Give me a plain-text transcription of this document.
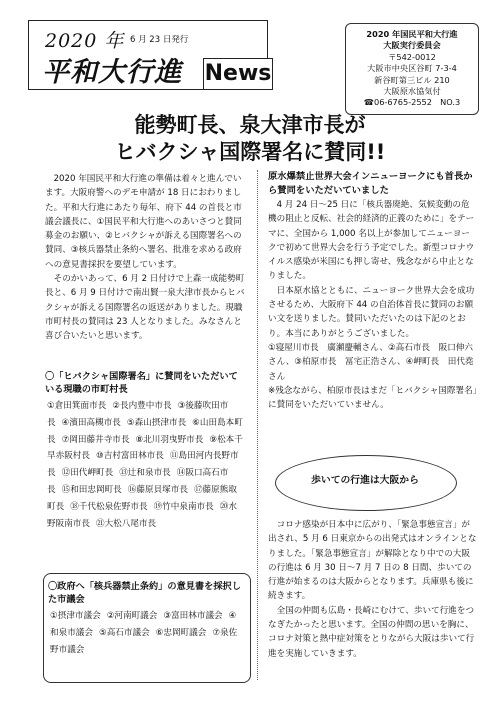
2020 年 6 月 23 日発行
平和大行進 News
2020 年国民平和大行進
大阪実行委員会
〒542-0012
大阪市中央区谷町 7-3-4
新谷町第三ビル 210
大阪原水協気付
☎06-6765-2552　NO.3
能勢町長、泉大津市長が
ヒバクシャ国際署名に賛同!!

2020 年国民平和大行進の準備は着々と進んでいます。大阪府警へのデモ申請が 18 日におわりました。平和大行進にあたり毎年、府下 44 の首長と市議会議長に、①国民平和大行進へのあいさつと賛同募金のお願い、②ヒバクシャが訴える国際署名への賛同、③核兵器禁止条約へ署名、批准を求める政府への意見書採択を要望しています。

そのかいあって、6 月 2 日付けで上森一成能勢町長と、6 月 9 日付けで南出賢一泉大津市長からヒバクシャが訴える国際署名の返送がありました。現職市町村長の賛同は 23 人となりました。みなさんと喜び合いたいと思います。

〇「ヒバクシャ国際署名」に賛同をいただいている現職の市町村長
①倉田箕面市長 ②長内豊中市長 ③後藤吹田市長 ④濱田高槻市長 ⑤森山摂津市長 ⑥山田島本町長 ⑦岡田藤井寺市長 ⑧北川羽曳野市長 ⑨松本千早赤阪村長 ⑩吉村富田林市長 ⑪島田河内長野市長 ⑫田代岬町長 ⑬辻和泉市長 ⑭阪口高石市長 ⑮和田忠岡町長 ⑯藤原貝塚市長 ⑰藤原熊取町長 ⑱千代松泉佐野市長 ⑲竹中泉南市長 ⑳水野阪南市長 ㉑大松八尾市長
〇政府へ「核兵器禁止条約」の意見書を採択した市議会
①摂津市議会 ②河南町議会 ③富田林市議会 ④和泉市議会 ⑤高石市議会 ⑥忠岡町議会 ⑦泉佐野市議会
原水爆禁止世界大会インニューヨークにも首長から賛同をいただいていました

4 月 24 日～25 日に「核兵器廃絶、気候変動の危機の阻止と反転、社会的経済的正義のために」をテーマに、全国から 1,000 名以上が参加してニューヨークで初めて世界大会を行う予定でした。新型コロナウイルス感染が米国にも押し寄せ、残念ながら中止となりました。

日本原水協とともに、ニューヨーク世界大会を成功させるため、大阪府下 44 の自治体首長に賛同のお願い文を送りました。賛同いただいたのは下記のとおり。本当にありがとうございました。

①寝屋川市長　廣瀬慶輔さん、②高石市長　阪口伸六さん、③柏原市長　冨宅正浩さん、④岬町長　田代堯さん

※残念ながら、柏原市長はまだ「ヒバクシャ国際署名」に賛同をいただいていません。

歩いての行進は大阪から

コロナ感染が日本中に広がり、「緊急事態宣言」が出され、5 月 6 日東京からの出発式はオンラインとなりました。「緊急事態宣言」が解除となり中での大阪の行進は 6 月 30 日～7 月 7 日の 8 日間、歩いての行進が始まるのは大阪からとなります。兵庫県も後に続きます。

全国の仲間も広島・長崎にむけて、歩いて行進をつなぎたかったと思います。全国の仲間の思いを胸に、コロナ対策と熱中症対策をとりながら大阪は歩いて行進を実施していきます。
